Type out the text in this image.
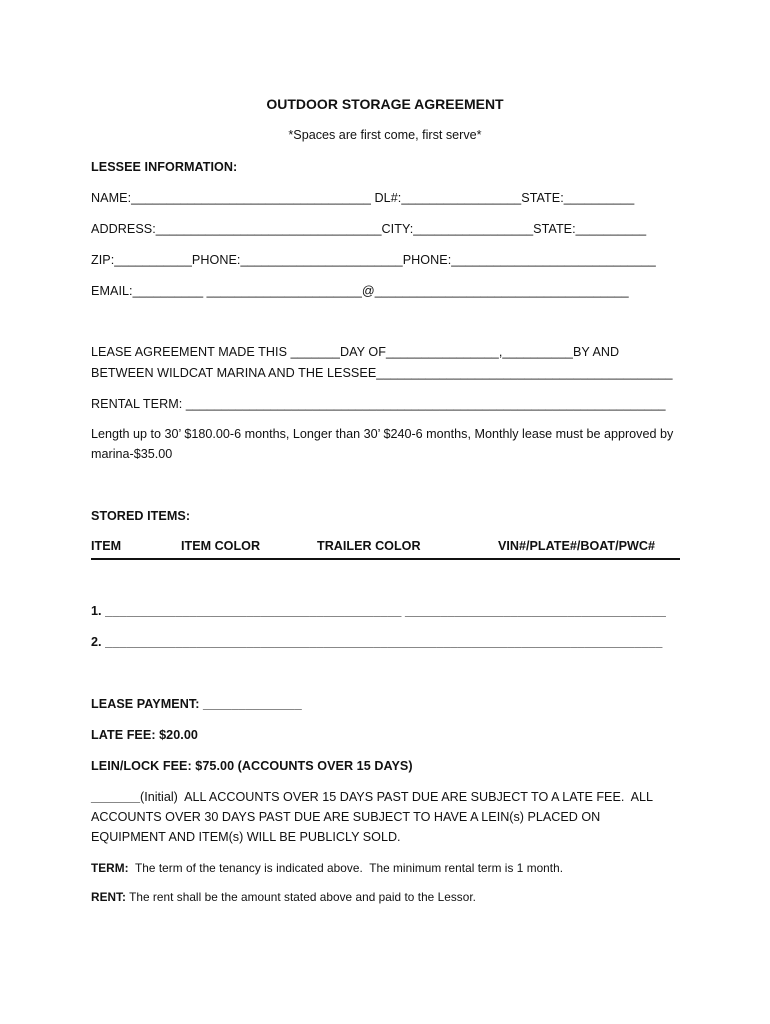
OUTDOOR STORAGE AGREEMENT
*Spaces are first come, first serve*
LESSEE INFORMATION:
NAME:__________________________________ DL#:_________________STATE:__________
ADDRESS:________________________________CITY:_________________STATE:__________
ZIP:___________PHONE:_______________________PHONE:_____________________________
EMAIL:__________ ______________________@____________________________________
LEASE AGREEMENT MADE THIS _______DAY OF________________,__________BY AND
BETWEEN WILDCAT MARINA AND THE LESSEE__________________________________________
RENTAL TERM: ____________________________________________________________________
Length up to 30’ $180.00-6 months, Longer than 30’ $240-6 months, Monthly lease must be approved by marina-$35.00
STORED ITEMS:
ITEM	ITEM COLOR	TRAILER COLOR	VIN#/PLATE#/BOAT/PWC#
1. __________________________________________ _____________________________________
2. _______________________________________________________________________________
LEASE PAYMENT: ______________
LATE FEE: $20.00
LEIN/LOCK FEE: $75.00 (ACCOUNTS OVER 15 DAYS)
_______(Initial)  ALL ACCOUNTS OVER 15 DAYS PAST DUE ARE SUBJECT TO A LATE FEE.  ALL ACCOUNTS OVER 30 DAYS PAST DUE ARE SUBJECT TO HAVE A LEIN(s) PLACED ON EQUIPMENT AND ITEM(s) WILL BE PUBLICLY SOLD.
TERM:  The term of the tenancy is indicated above.  The minimum rental term is 1 month.
RENT: The rent shall be the amount stated above and paid to the Lessor.
